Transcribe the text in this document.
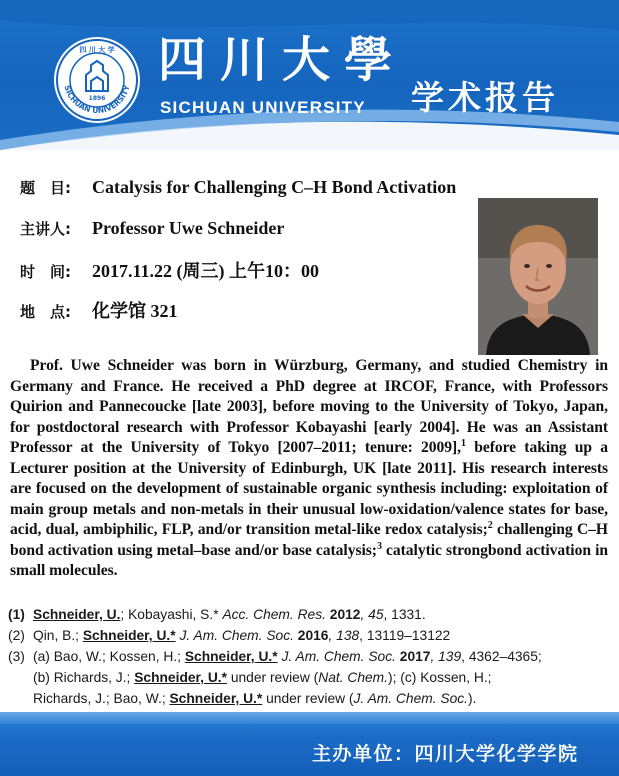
SICHUAN UNIVERSITY
四 川 大 学
1896
四川大學
SICHUAN UNIVERSITY 学术报告
题　目: Catalysis for Challenging C–H Bond Activation
主讲人: Professor Uwe Schneider
时　间: 2017.11.22 (周三) 上午10：00
地　点: 化学馆 321

Prof. Uwe Schneider was born in Würzburg, Germany, and studied Chemistry in Germany and France. He received a PhD degree at IRCOF, France, with Professors Quirion and Pannecoucke [late 2003], before moving to the University of Tokyo, Japan, for postdoctoral research with Professor Kobayashi [early 2004]. He was an Assistant Professor at the University of Tokyo [2007–2011; tenure: 2009],$^1$ before taking up a Lecturer position at the University of Edinburgh, UK [late 2011]. His research interests are focused on the development of sustainable organic synthesis including: exploitation of main group metals and non-metals in their unusual low-oxidation/valence states for base, acid, dual, ambiphilic, FLP, and/or transition metal-like redox catalysis;$^2$ challenging C–H bond activation using metal–base and/or base catalysis;$^3$ catalytic strongbond activation in small molecules.

(1) Schneider, U.; Kobayashi, S.* Acc. Chem. Res. 2012, 45, 1331.
(2) Qin, B.; Schneider, U.* J. Am. Chem. Soc. 2016, 138, 13119–13122
(3) (a) Bao, W.; Kossen, H.; Schneider, U.* J. Am. Chem. Soc. 2017, 139, 4362–4365;
(b) Richards, J.; Schneider, U.* under review (Nat. Chem.); (c) Kossen, H.;
Richards, J.; Bao, W.; Schneider, U.* under review (J. Am. Chem. Soc.).
主办单位：四川大学化学学院
